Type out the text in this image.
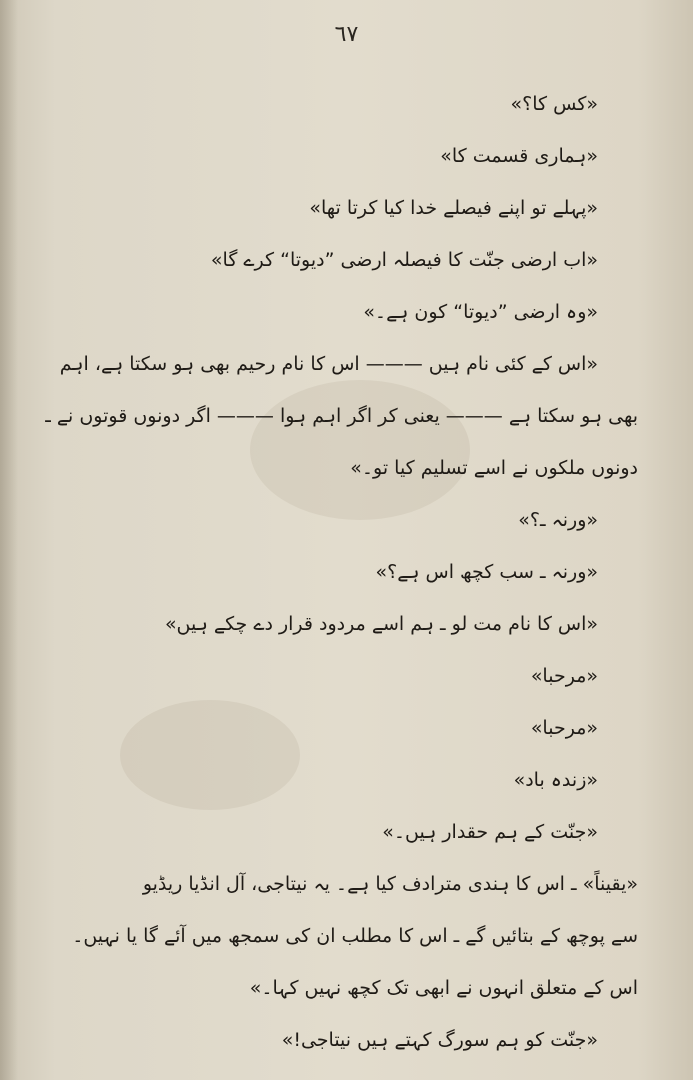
٦٧
«کس کا؟»
«ہماری قسمت کا»
«پہلے تو اپنے فیصلے خدا کیا کرتا تھا»
«اب ارضی جنّت کا فیصلہ ارضی ”دیوتا“ کرے گا»
«وہ ارضی ”دیوتا“ کون ہے۔»
«اس کے کئی نام ہیں ——— اس کا نام رحیم بھی ہو سکتا ہے، اہم
بھی ہو سکتا ہے ——— یعنی کر اگر اہم ہوا ——— اگر دونوں قوتوں نے ـ
دونوں ملکوں نے اسے تسلیم کیا تو۔»
«ورنہ ـ؟»
«ورنہ ـ سب کچھ اس ہے؟»
«اس کا نام مت لو ـ ہم اسے مردود قرار دے چکے ہیں»
«مرحبا»
«مرحبا»
«زندہ باد»
«جنّت کے ہم حقدار ہیں۔»
«یقیناً» ـ اس کا ہندی مترادف کیا ہے۔ یہ نیتاجی، آل انڈیا ریڈیو
سے پوچھ کے بتائیں گے ـ اس کا مطلب ان کی سمجھ میں آئے گا یا نہیں۔
اس کے متعلق انہوں نے ابھی تک کچھ نہیں کہا۔»
«جنّت کو ہم سورگ کہتے ہیں نیتاجی!»
